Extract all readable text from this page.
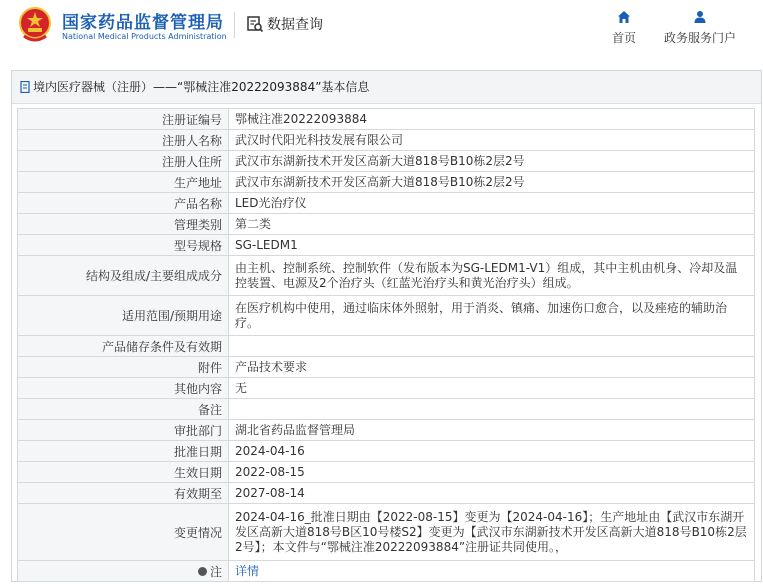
国家药品监督管理局
National Medical Products Administration
数据查询
首页	政务服务门户
境内医疗器械（注册）——“鄂械注准20222093884”基本信息
注册证编号	鄂械注准20222093884
注册人名称	武汉时代阳光科技发展有限公司
注册人住所	武汉市东湖新技术开发区高新大道818号B10栋2层2号
生产地址	武汉市东湖新技术开发区高新大道818号B10栋2层2号
产品名称	LED光治疗仪
管理类别	第二类
型号规格	SG-LEDM1
结构及组成/主要组成成分	由主机、控制系统、控制软件（发布版本为SG-LEDM1-V1）组成，其中主机由机身、冷却及温控装置、电源及2个治疗头（红蓝光治疗头和黄光治疗头）组成。
适用范围/预期用途	在医疗机构中使用，通过临床体外照射，用于消炎、镇痛、加速伤口愈合，以及痤疮的辅助治疗。
产品储存条件及有效期	
附件	产品技术要求
其他内容	无
备注	
审批部门	湖北省药品监督管理局
批准日期	2024-04-16
生效日期	2022-08-15
有效期至	2027-08-14
变更情况	2024-04-16_批准日期由【2022-08-15】变更为【2024-04-16】；生产地址由【武汉市东湖开发区高新大道818号B区10号楼S2】变更为【武汉市东湖新技术开发区高新大道818号B10栋2层2号】；本文件与“鄂械注准20222093884”注册证共同使用。，
注	详情
